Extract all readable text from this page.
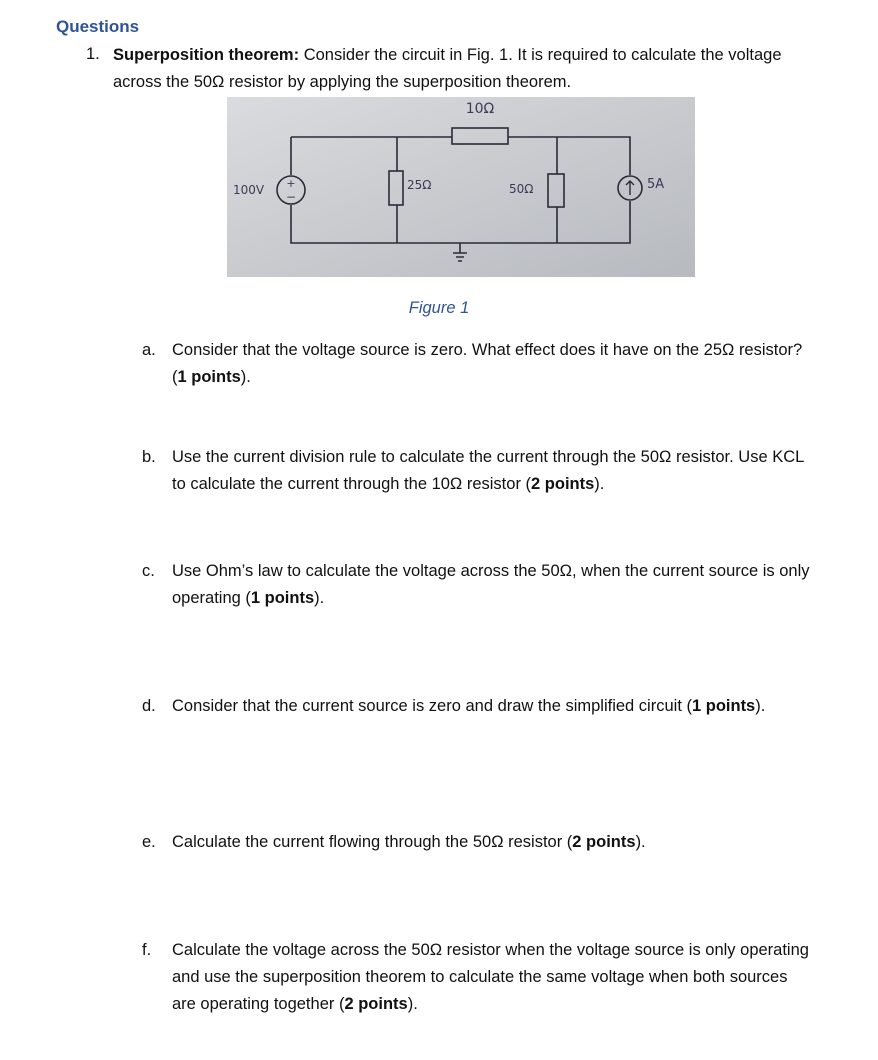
Questions
1. Superposition theorem: Consider the circuit in Fig. 1. It is required to calculate the voltage across the 50Ω resistor by applying the superposition theorem.
+
−
10Ω
100V	25Ω	50Ω	5A
Figure 1
a. Consider that the voltage source is zero. What effect does it have on the 25Ω resistor? (1 points).
b. Use the current division rule to calculate the current through the 50Ω resistor. Use KCL to calculate the current through the 10Ω resistor (2 points).
c. Use Ohm’s law to calculate the voltage across the 50Ω, when the current source is only operating (1 points).
d. Consider that the current source is zero and draw the simplified circuit (1 points).
e. Calculate the current flowing through the 50Ω resistor (2 points).
f. Calculate the voltage across the 50Ω resistor when the voltage source is only operating and use the superposition theorem to calculate the same voltage when both sources are operating together (2 points).
